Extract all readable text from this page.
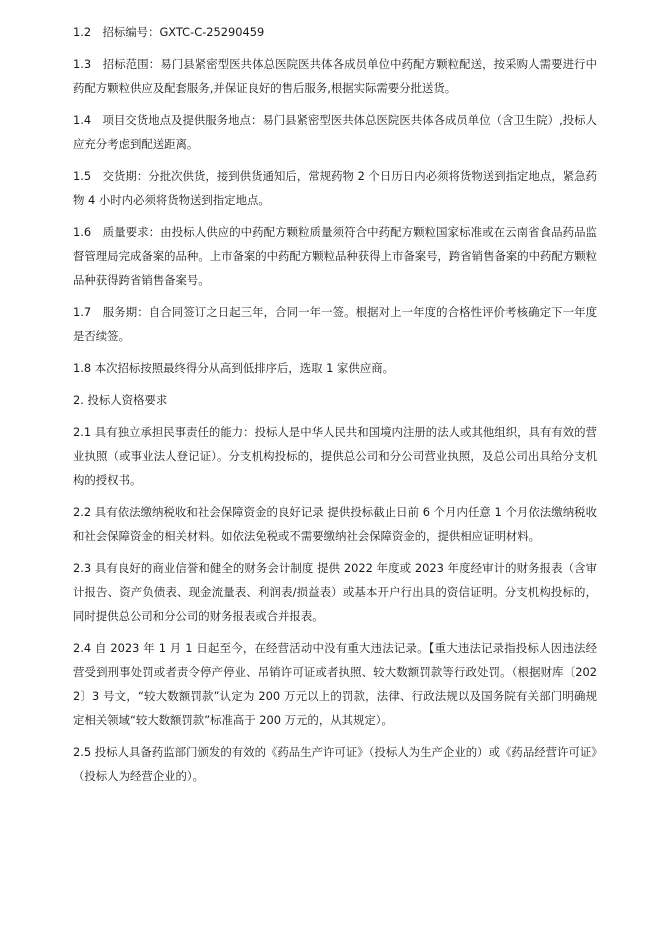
1.2　招标编号：GXTC-C-25290459

1.3　招标范围：易门县紧密型医共体总医院医共体各成员单位中药配方颗粒配送，按采购人需要进行中药配方颗粒供应及配套服务,并保证良好的售后服务,根据实际需要分批送货。

1.4　项目交货地点及提供服务地点：易门县紧密型医共体总医院医共体各成员单位（含卫生院）,投标人应充分考虑到配送距离。

1.5　交货期：分批次供货，接到供货通知后，常规药物 2 个日历日内必须将货物送到指定地点，紧急药物 4 小时内必须将货物送到指定地点。

1.6　质量要求：由投标人供应的中药配方颗粒质量须符合中药配方颗粒国家标准或在云南省食品药品监督管理局完成备案的品种。上市备案的中药配方颗粒品种获得上市备案号，跨省销售备案的中药配方颗粒品种获得跨省销售备案号。

1.7　服务期：自合同签订之日起三年，合同一年一签。根据对上一年度的合格性评价考核确定下一年度是否续签。

1.8 本次招标按照最终得分从高到低排序后，选取 1 家供应商。

2. 投标人资格要求

2.1 具有独立承担民事责任的能力：投标人是中华人民共和国境内注册的法人或其他组织，具有有效的营业执照（或事业法人登记证）。分支机构投标的，提供总公司和分公司营业执照，及总公司出具给分支机构的授权书。

2.2 具有依法缴纳税收和社会保障资金的良好记录 提供投标截止日前 6 个月内任意 1 个月依法缴纳税收和社会保障资金的相关材料。如依法免税或不需要缴纳社会保障资金的，提供相应证明材料。

2.3 具有良好的商业信誉和健全的财务会计制度 提供 2022 年度或 2023 年度经审计的财务报表（含审计报告、资产负债表、现金流量表、利润表/损益表）或基本开户行出具的资信证明。分支机构投标的，同时提供总公司和分公司的财务报表或合并报表。

2.4 自 2023 年 1 月 1 日起至今，在经营活动中没有重大违法记录。【重大违法记录指投标人因违法经营受到刑事处罚或者责令停产停业、吊销许可证或者执照、较大数额罚款等行政处罚。（根据财库〔2022〕3 号文，“较大数额罚款”认定为 200 万元以上的罚款，法律、行政法规以及国务院有关部门明确规定相关领域“较大数额罚款”标准高于 200 万元的，从其规定）。

2.5 投标人具备药监部门颁发的有效的《药品生产许可证》（投标人为生产企业的）或《药品经营许可证》（投标人为经营企业的）。
